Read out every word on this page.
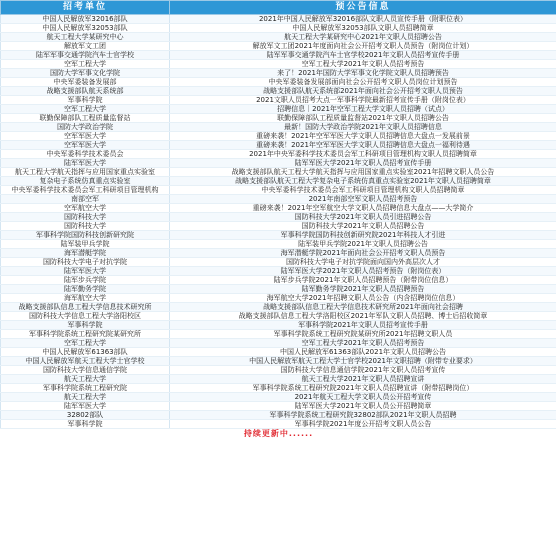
招考单位	预公告信息
中国人民解放军32016部队	2021年中国人民解放军32016部队文职人员宣传手册（附职位表）
中国人民解放军32053部队	中国人民解放军32053部队文职人员招聘简章
航天工程大学某研究中心	航天工程大学某研究中心2021年文职人员招聘公告
解放军文工团	解放军文工团2021年度面向社会公开招考文职人员预告（附岗位计划）
陆军军事交通学院汽车士官学校	陆军军事交通学院汽车士官学校2021年文职人员招考宣传手册
空军工程大学	空军工程大学2021年文职人员招考预告
国防大学军事文化学院	来了！2021年国防大学军事文化学院文职人员招聘预告
中央军委装备发展部	中央军委装备发展部面向社会公开招考文职人员岗位计划预告
战略支援部队航天系统部	战略支援部队航天系统部2021年面向社会公开招考文职人员预告
军事科学院	2021文职人员招考大点一军事科学院最新招考宣传手册（附岗位表）
空军工程大学	招聘信息｜2021年空军工程大学文职人员招聘（试点）
联勤保障部队工程质量监督站	联勤保障部队工程质量监督站2021年文职人员招聘公告
国防大学政治学院	最新！国防大学政治学院2021年文职人员招聘信息
空军军医大学	重磅来袭！2021年空军军医大学文职人员招聘信息大盘点一发展前景
空军军医大学	重磅来袭！2021年空军军医大学文职人员招聘信息大盘点一福利待遇
中央军委科学技术委员会	2021年中央军委科学技术委员会军工科研项目管理机构文职人员招聘简章
陆军军医大学	陆军军医大学2021年文职人员招考宣传手册
航天工程大学航天指挥与应用国家重点实验室	战略支援部队航天工程大学航天指挥与应用国家重点实验室2021年招聘文职人员公告
复杂电子系统仿真重点实验室	战略支援部队航天工程大学复杂电子系统仿真重点实验室2021年文职人员招聘简章
中央军委科学技术委员会军工科研项目管理机构	中央军委科学技术委员会军工科研项目管理机构文职人员招聘简章
南部空军	2021年南部空军文职人员招考预告
空军航空大学	重磅来袭！2021年空军航空大学文职人员招聘信息大盘点——大学简介
国防科技大学	国防科技大学2021年文职人员引进招聘公告
国防科技大学	国防科技大学2021年文职人员招聘公告
军事科学院国防科技创新研究院	军事科学院国防科技创新研究院2021年科技人才引进
陆军装甲兵学院	陆军装甲兵学院2021年文职人员招聘公告
海军潜艇学院	海军潜艇学院2021年面向社会公开招考文职人员预告
国防科技大学电子对抗学院	国防科技大学电子对抗学院面向国内外高层次人才
陆军军医大学	陆军军医大学2021年文职人员招考预告（附岗位表）
陆军步兵学院	陆军步兵学院2021年文职人员招聘预告（附带岗位信息）
陆军勤务学院	陆军勤务学院2021年文职人员招聘预告
海军航空大学	海军航空大学2021年招聘文职人员公告（内含招聘岗位信息）
战略支援部队信息工程大学信息技术研究所	战略支援部队信息工程大学信息技术研究所2021年面向社会招聘
国防科技大学信息工程大学洛阳校区	战略支援部队信息工程大学洛阳校区2021年军队文职人员招聘、博士后招收简章
军事科学院	军事科学院2021年文职人员招考宣传手册
军事科学院系统工程研究院某研究所	军事科学院系统工程研究院某研究所2021年招聘文职人员
空军工程大学	空军工程大学2021年文职人员招考预告
中国人民解放军61363部队	中国人民解放军61363部队2021年文职人员招聘公告
中国人民解放军航天工程大学士官学校	中国人民解放军航天工程大学士官学校2021年文职招聘（附带专业要求）
国防科技大学信息通信学院	国防科技大学信息通信学院2021年文职人员招考宣传
航天工程大学	航天工程大学2021年文职人员招聘宣讲
军事科学院系统工程研究院	军事科学院系统工程研究院2021年文职人员招聘宣讲（附带招聘岗位）
航天工程大学	2021年航天工程大学文职人员公开招考宣传
陆军军医大学	陆军军医大学2021年文职人员公开招聘简章
32802部队	军事科学院系统工程研究院32802部队2021年文职人员招聘
军事科学院	军事科学院2021年度公开招考文职人员公告
持续更新中......	
